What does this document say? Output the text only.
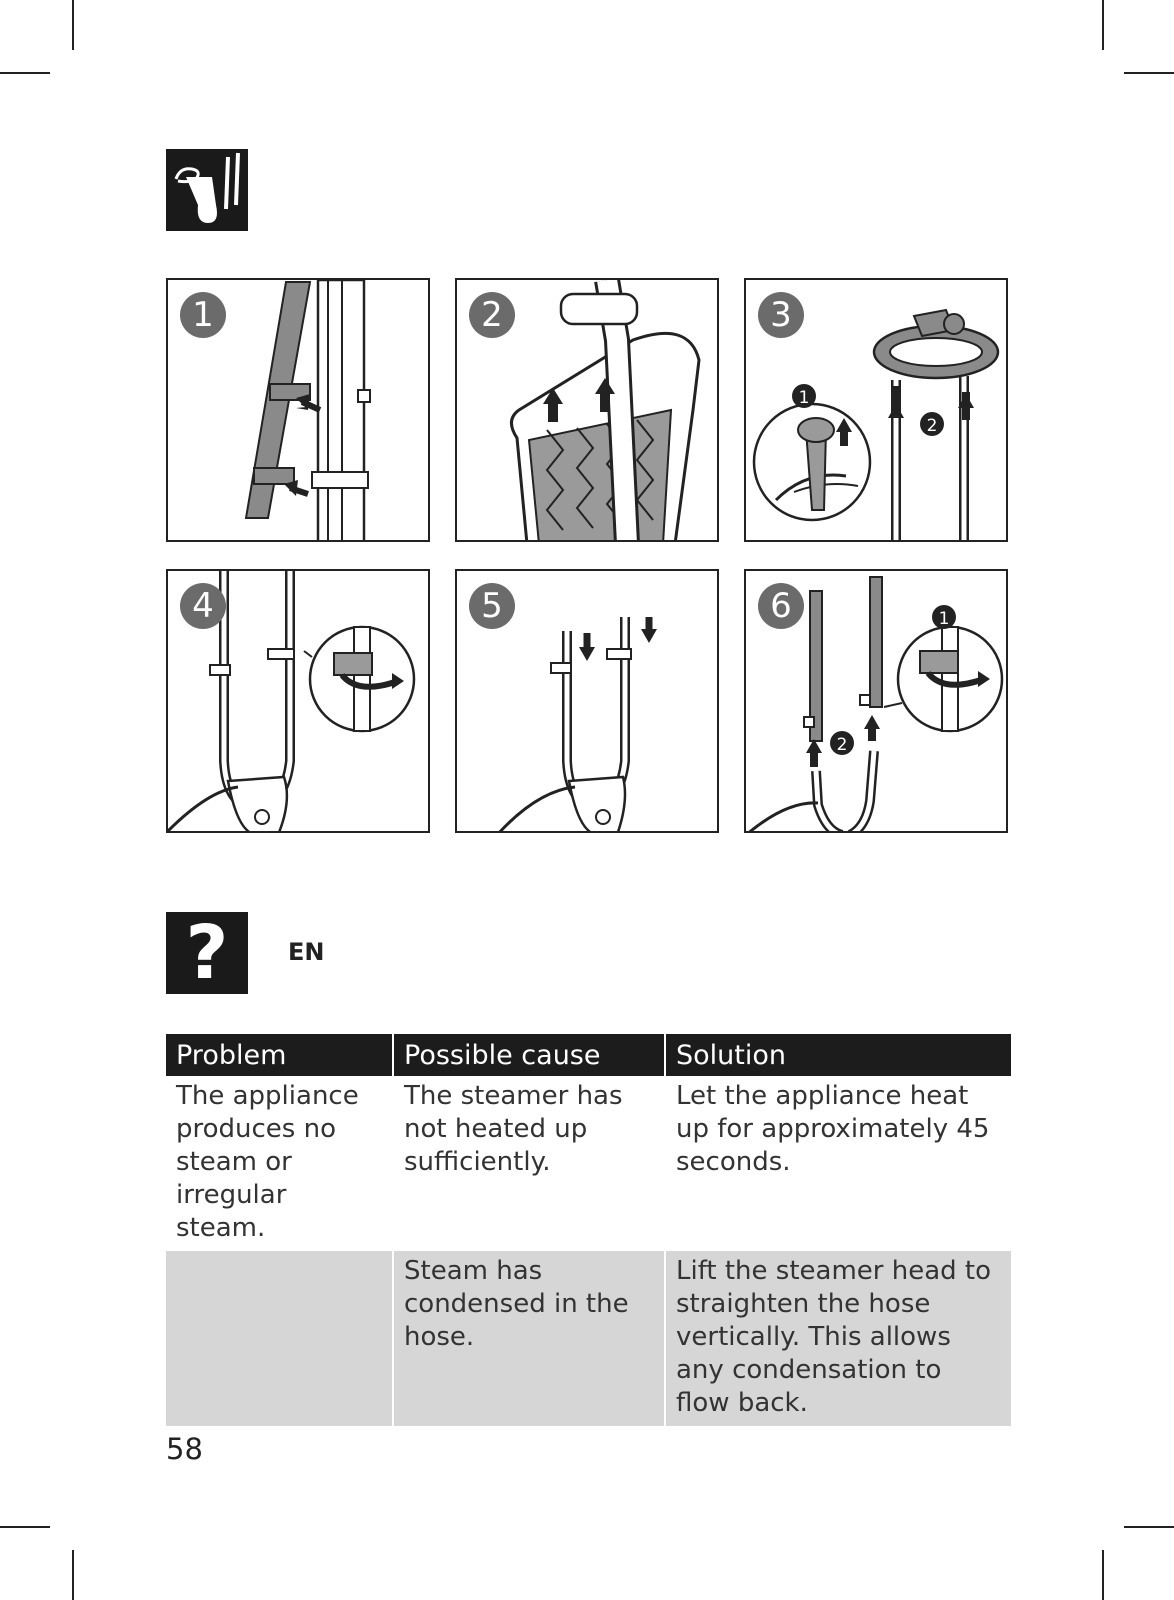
1	2
2
1
3
4	5
2
1
6
?	EN
Problem	Possible cause	Solution
The appliance produces no steam or irregular steam.	The steamer has not heated up sufficiently.	Let the appliance heat up for approximately 45 seconds.
	Steam has condensed in the hose.	Lift the steamer head to straighten the hose vertically. This allows any condensation to flow back.
58
